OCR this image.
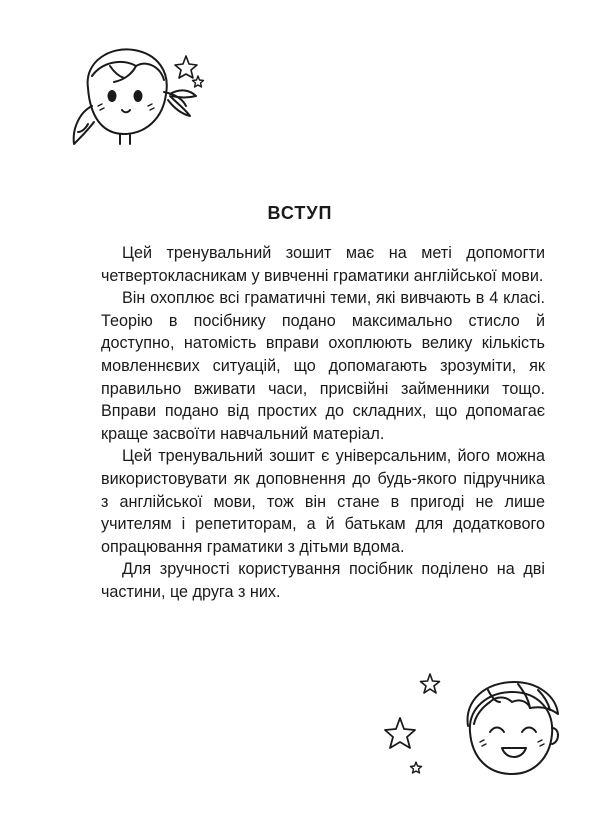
ВСТУП

Цей тренувальний зошит має на меті допомогти четвертокласникам у вивченні граматики англійської мови.

Він охоплює всі граматичні теми, які вивчають в 4 класі. Теорію в посібнику подано максимально стисло й доступно, натомість вправи охоплюють велику кількість мовленнєвих ситуацій, що допомагають зрозуміти, як правильно вживати часи, присвійні займенники тощо. Вправи подано від простих до складних, що допомагає краще засвоїти навчальний матеріал.

Цей тренувальний зошит є універсальним, його можна використовувати як доповнення до будь-якого підручника з англійської мови, тож він стане в пригоді не лише учителям і репетиторам, а й батькам для додаткового опрацювання граматики з дітьми вдома.

Для зручності користування посібник поділено на дві частини, це друга з них.
